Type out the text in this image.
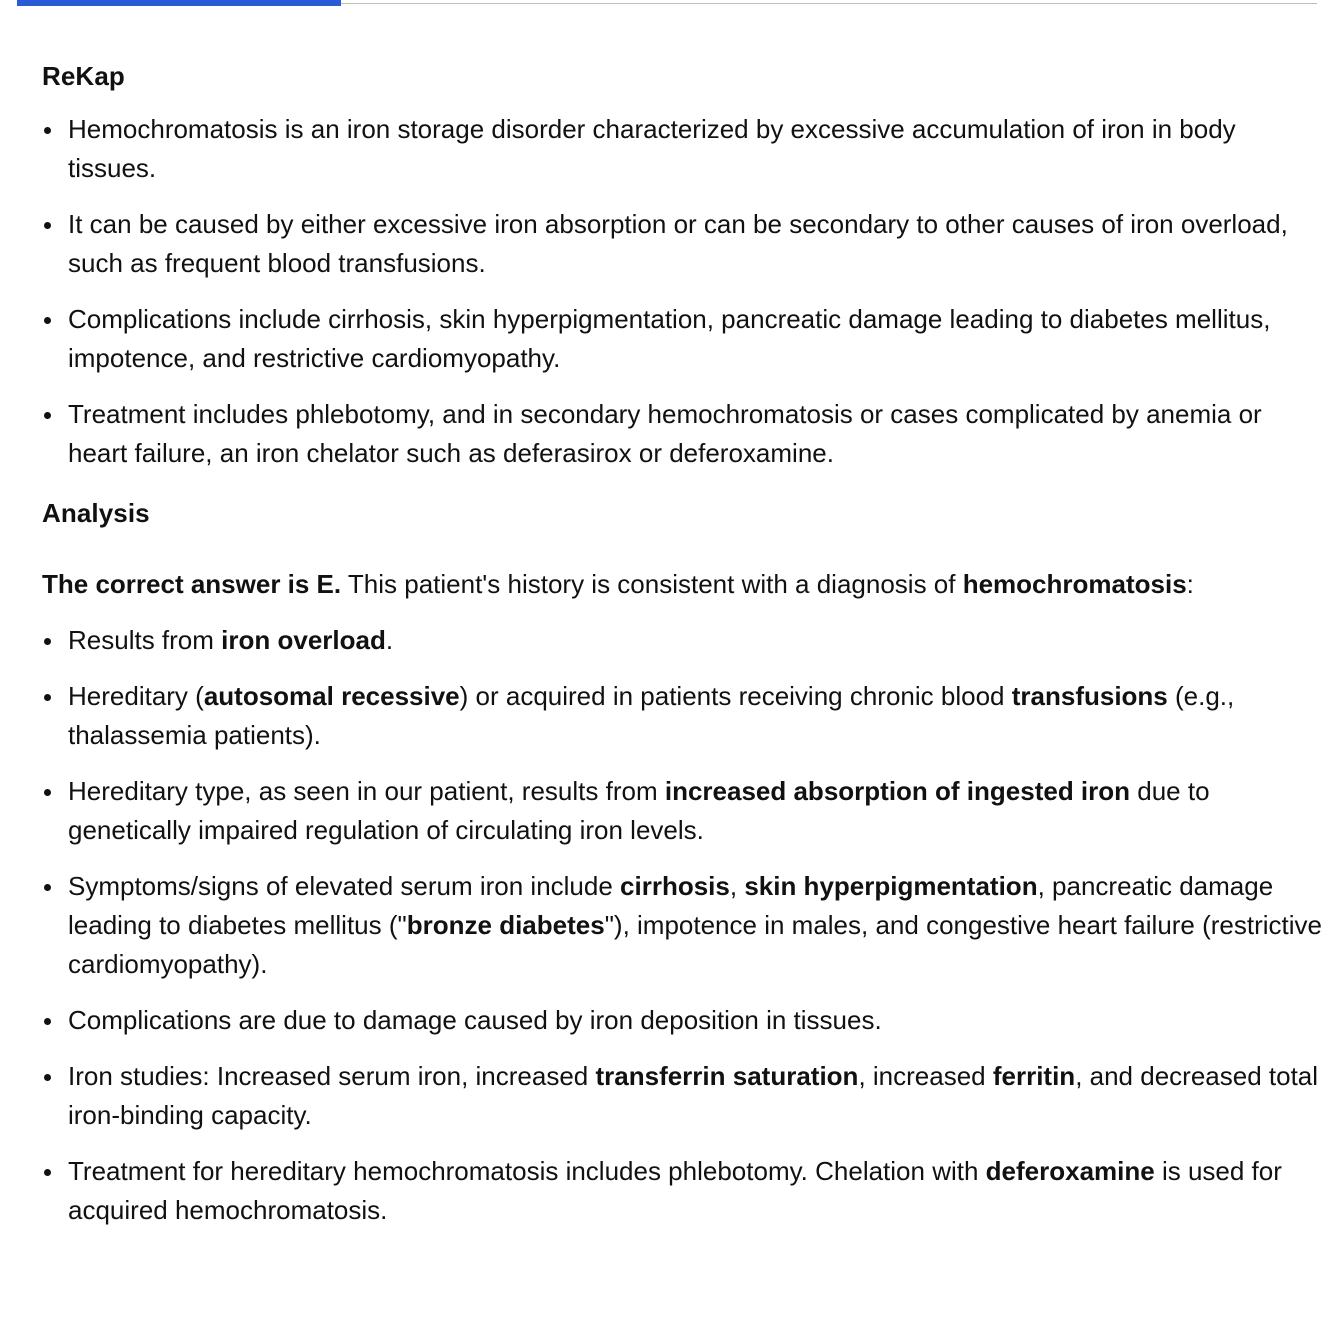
ReKap
Hemochromatosis is an iron storage disorder characterized by excessive accumulation of iron in body tissues.
It can be caused by either excessive iron absorption or can be secondary to other causes of iron overload, such as frequent blood transfusions.
Complications include cirrhosis, skin hyperpigmentation, pancreatic damage leading to diabetes mellitus, impotence, and restrictive cardiomyopathy.
Treatment includes phlebotomy, and in secondary hemochromatosis or cases complicated by anemia or heart failure, an iron chelator such as deferasirox or deferoxamine.
Analysis

The correct answer is E. This patient's history is consistent with a diagnosis of hemochromatosis:

Results from iron overload.
Hereditary (autosomal recessive) or acquired in patients receiving chronic blood transfusions (e.g., thalassemia patients).
Hereditary type, as seen in our patient, results from increased absorption of ingested iron due to genetically impaired regulation of circulating iron levels.
Symptoms/signs of elevated serum iron include cirrhosis, skin hyperpigmentation, pancreatic damage leading to diabetes mellitus ("bronze diabetes"), impotence in males, and congestive heart failure (restrictive cardiomyopathy).
Complications are due to damage caused by iron deposition in tissues.
Iron studies: Increased serum iron, increased transferrin saturation, increased ferritin, and decreased total iron-binding capacity.
Treatment for hereditary hemochromatosis includes phlebotomy. Chelation with deferoxamine is used for acquired hemochromatosis.
